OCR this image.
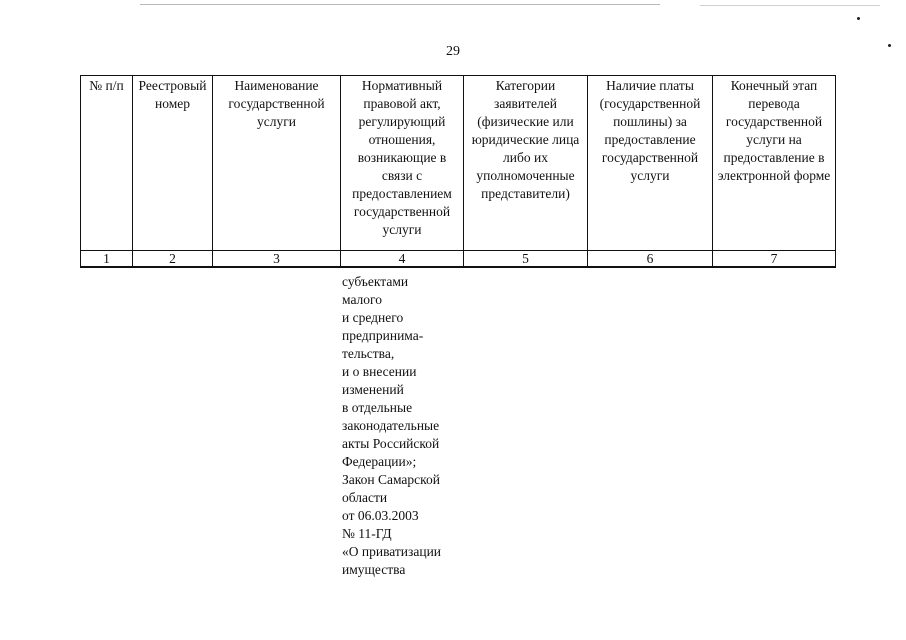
29
№ п/п	Реестровый номер	Наименование государственной услуги	Нормативный правовой акт, регулирующий отношения, возникающие в связи с предоставлением государственной услуги	Категории заявителей (физические или юридические лица либо их уполномоченные представители)	Наличие платы (государственной пошлины) за предоставление государственной услуги	Конечный этап перевода государственной услуги на предоставление в электронной форме
1	2	3	4	5	6	7
субъектами
малого
и среднего
предпринима-
тельства,
и о внесении
изменений
в отдельные
законодательные
акты Российской
Федерации»;
Закон Самарской
области
от 06.03.2003
№ 11-ГД
«О приватизации
имущества
